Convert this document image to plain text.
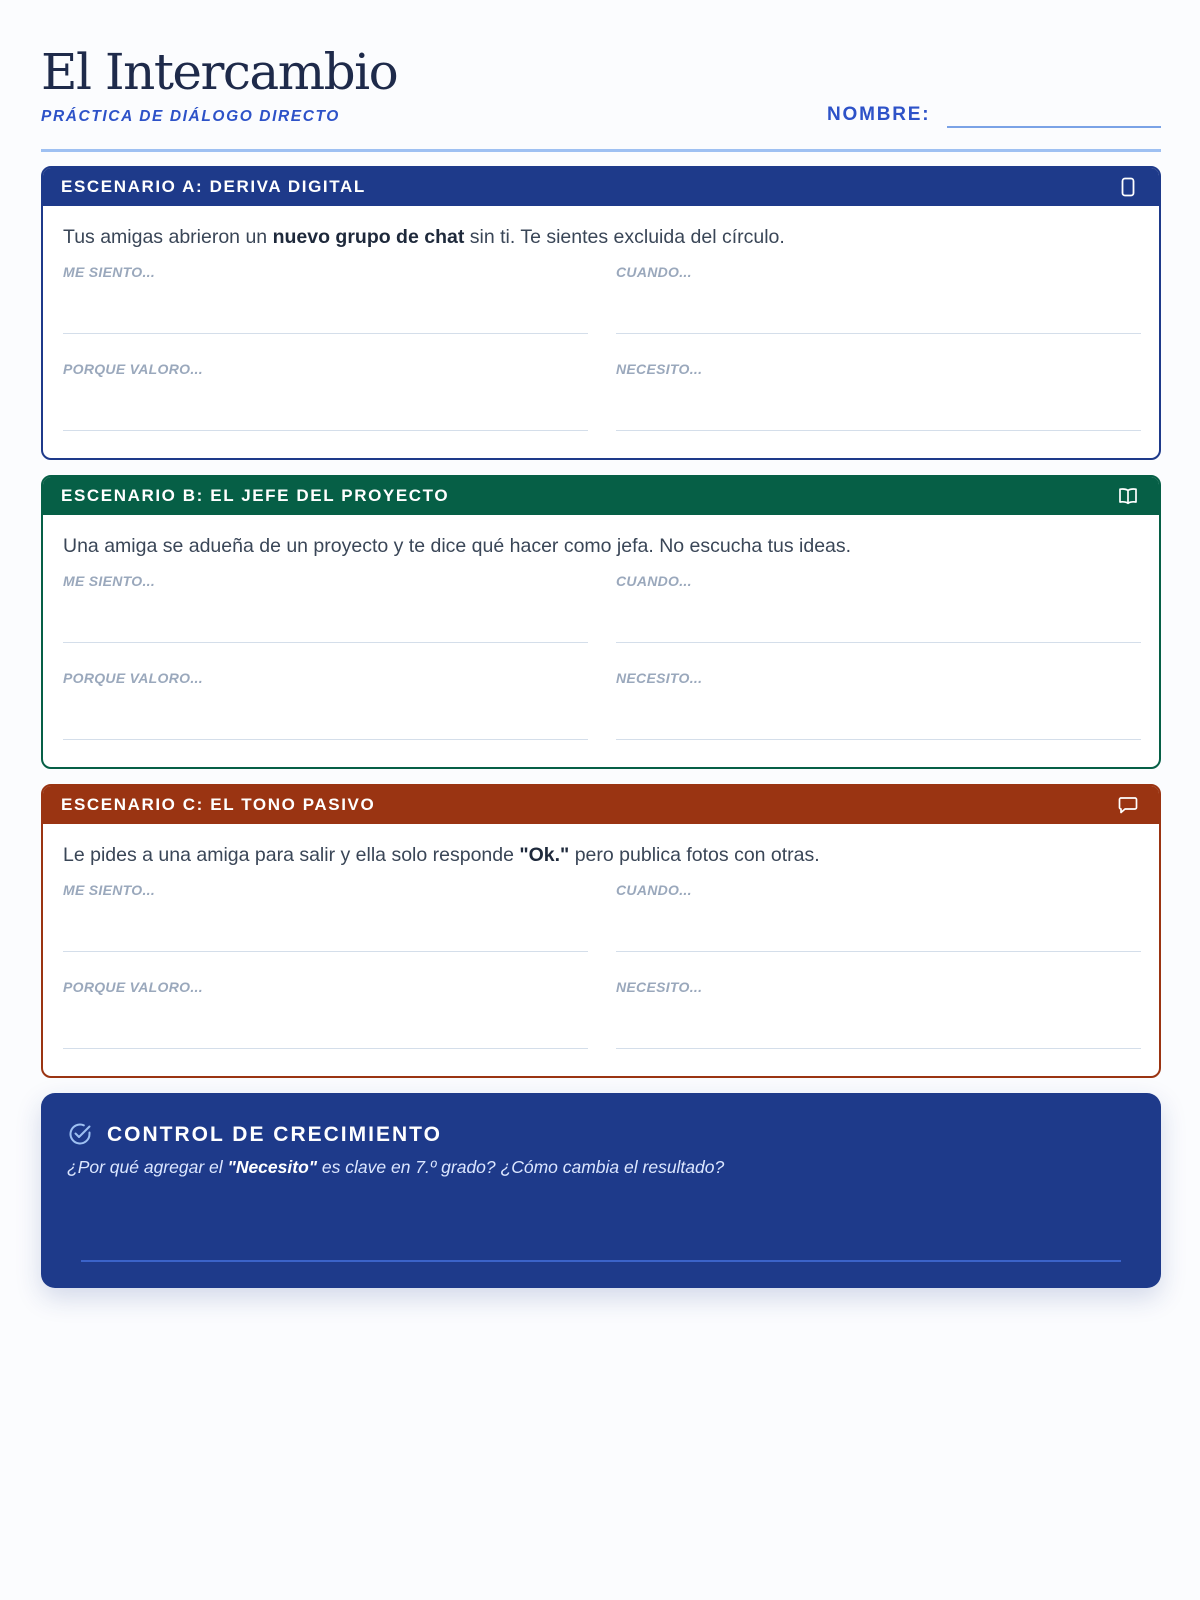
El Intercambio
PRÁCTICA DE DIÁLOGO DIRECTO	NOMBRE:
ESCENARIO A: DERIVA DIGITAL

Tus amigas abrieron un nuevo grupo de chat sin ti. Te sientes excluida del círculo.

ME SIENTO...	CUANDO...
PORQUE VALORO...	NECESITO...
ESCENARIO B: EL JEFE DEL PROYECTO

Una amiga se adueña de un proyecto y te dice qué hacer como jefa. No escucha tus ideas.

ME SIENTO...	CUANDO...
PORQUE VALORO...	NECESITO...
ESCENARIO C: EL TONO PASIVO

Le pides a una amiga para salir y ella solo responde "Ok." pero publica fotos con otras.

ME SIENTO...	CUANDO...
PORQUE VALORO...	NECESITO...
CONTROL DE CRECIMIENTO

¿Por qué agregar el "Necesito" es clave en 7.º grado? ¿Cómo cambia el resultado?
